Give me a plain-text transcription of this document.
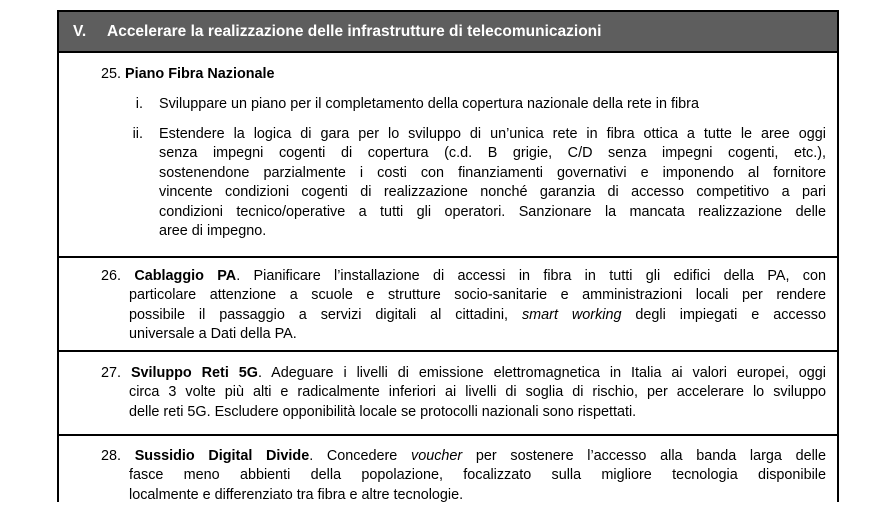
V.	Accelerare la realizzazione delle infrastrutture di telecomunicazioni
25. Piano Fibra Nazionale
i. Sviluppare un piano per il completamento della copertura nazionale della rete in fibra
ii. Estendere la logica di gara per lo sviluppo di un’unica rete in fibra ottica a tutte le aree oggi
senza impegni cogenti di copertura (c.d. B grigie, C/D senza impegni cogenti, etc.),
sostenendone parzialmente i costi con finanziamenti governativi e imponendo al fornitore
vincente condizioni cogenti di realizzazione nonché garanzia di accesso competitivo a pari
condizioni tecnico/operative a tutti gli operatori. Sanzionare la mancata realizzazione delle
aree di impegno.
26. Cablaggio PA. Pianificare l’installazione di accessi in fibra in tutti gli edifici della PA, con
particolare attenzione a scuole e strutture socio-sanitarie e amministrazioni locali per rendere
possibile il passaggio a servizi digitali al cittadini, smart working degli impiegati e accesso
universale a Dati della PA.
27. Sviluppo Reti 5G. Adeguare i livelli di emissione elettromagnetica in Italia ai valori europei, oggi
circa 3 volte più alti e radicalmente inferiori ai livelli di soglia di rischio, per accelerare lo sviluppo
delle reti 5G. Escludere opponibilità locale se protocolli nazionali sono rispettati.
28. Sussidio Digital Divide. Concedere voucher per sostenere l’accesso alla banda larga delle
fasce meno abbienti della popolazione, focalizzato sulla migliore tecnologia disponibile
localmente e differenziato tra fibra e altre tecnologie.
